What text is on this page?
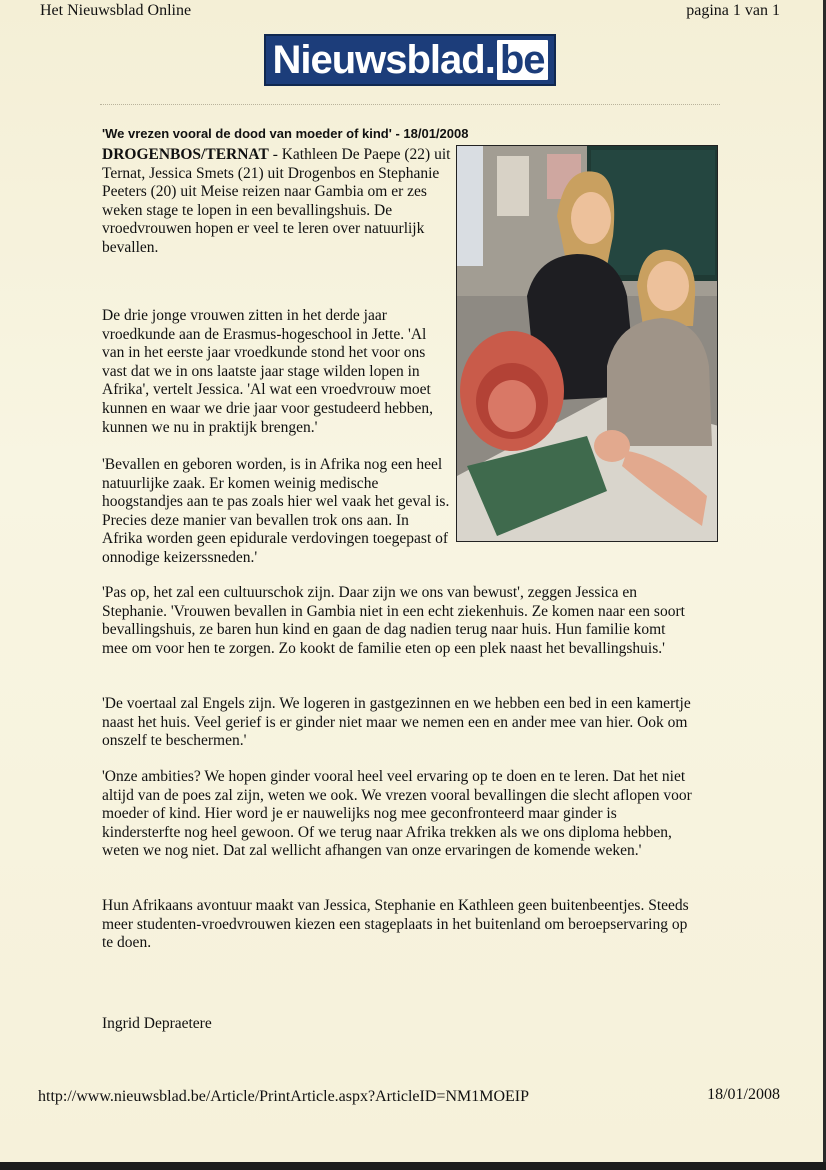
Het Nieuwsblad Online	pagina 1 van 1
Nieuwsblad. be
'We vrezen vooral de dood van moeder of kind' - 18/01/2008
DROGENBOS/TERNAT - Kathleen De Paepe (22) uit Ternat, Jessica Smets (21) uit Drogenbos en Stephanie Peeters (20) uit Meise reizen naar Gambia om er zes weken stage te lopen in een bevallingshuis. De vroedvrouwen hopen er veel te leren over natuurlijk bevallen.
De drie jonge vrouwen zitten in het derde jaar vroedkunde aan de Erasmus-hogeschool in Jette. 'Al van in het eerste jaar vroedkunde stond het voor ons vast dat we in ons laatste jaar stage wilden lopen in Afrika', vertelt Jessica. 'Al wat een vroedvrouw moet kunnen en waar we drie jaar voor gestudeerd hebben, kunnen we nu in praktijk brengen.'
'Bevallen en geboren worden, is in Afrika nog een heel natuurlijke zaak. Er komen weinig medische hoogstandjes aan te pas zoals hier wel vaak het geval is. Precies deze manier van bevallen trok ons aan. In Afrika worden geen epidurale verdovingen toegepast of onnodige keizerssneden.'
'Pas op, het zal een cultuurschok zijn. Daar zijn we ons van bewust', zeggen Jessica en Stephanie. 'Vrouwen bevallen in Gambia niet in een echt ziekenhuis. Ze komen naar een soort bevallingshuis, ze baren hun kind en gaan de dag nadien terug naar huis. Hun familie komt mee om voor hen te zorgen. Zo kookt de familie eten op een plek naast het bevallingshuis.'
'De voertaal zal Engels zijn. We logeren in gastgezinnen en we hebben een bed in een kamertje naast het huis. Veel gerief is er ginder niet maar we nemen een en ander mee van hier. Ook om onszelf te beschermen.'
'Onze ambities? We hopen ginder vooral heel veel ervaring op te doen en te leren. Dat het niet altijd van de poes zal zijn, weten we ook. We vrezen vooral bevallingen die slecht aflopen voor moeder of kind. Hier word je er nauwelijks nog mee geconfronteerd maar ginder is kindersterfte nog heel gewoon. Of we terug naar Afrika trekken als we ons diploma hebben, weten we nog niet. Dat zal wellicht afhangen van onze ervaringen de komende weken.'
Hun Afrikaans avontuur maakt van Jessica, Stephanie en Kathleen geen buitenbeentjes. Steeds meer studenten-vroedvrouwen kiezen een stageplaats in het buitenland om beroepservaring op te doen.
Ingrid Depraetere
http://www.nieuwsblad.be/Article/PrintArticle.aspx?ArticleID=NM1MOEIP	18/01/2008
